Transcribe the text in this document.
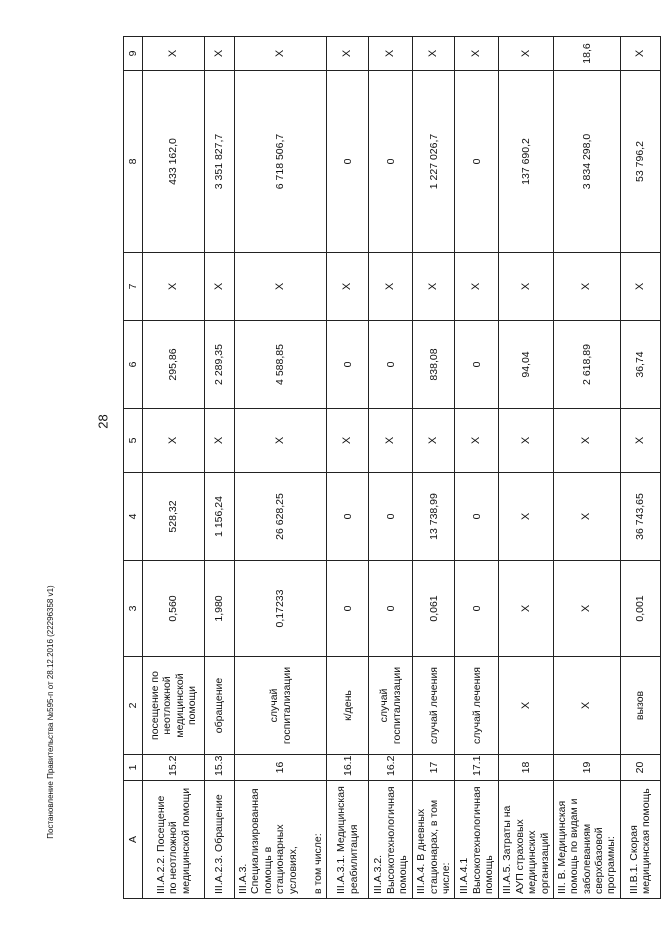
28
А	1	2	3	4	5	6	7	8	9
III.А.2.2. Посещение по неотложной медицинской помощи	15.2	посещение по неотложной медицинской помощи	0,560	528,32	X	295,86	X	433 162,0	X
III.А.2.3. Обращение	15.3	обращение	1,980	1 156,24	X	2 289,35	X	3 351 827,7	X
III.А.3. Специализированная помощь в стационарных условиях, в том числе:	16	случай госпитализации	0,17233	26 628,25	X	4 588,85	X	6 718 506,7	X
III.А.3.1. Медицинская реабилитация	16.1	к/день	0	0	X	0	X	0	X
III.А.3.2. Высокотехнологичная помощь	16.2	случай госпитализации	0	0	X	0	X	0	X
III.А.4. В дневных стационарах, в том числе:	17	случай лечения	0,061	13 738,99	X	838,08	X	1 227 026,7	X
III.А.4.1 Высокотехнологичная помощь	17.1	случай лечения	0	0	X	0	X	0	X
III.А.5. Затраты на АУП страховых медицинских организаций	18	X	X	X	X	94,04	X	137 690,2	X
III. В. Медицинская помощь по видам и заболеваниям сверхбазовой программы:	19	X	X	X	X	2 618,89	X	3 834 298,0	18,6
III.В.1. Скорая медицинская помощь	20	вызов	0,001	36 743,65	X	36,74	X	53 796,2	X
Постановление Правительства №595-п от 28.12.2016 (22296358 v1)
